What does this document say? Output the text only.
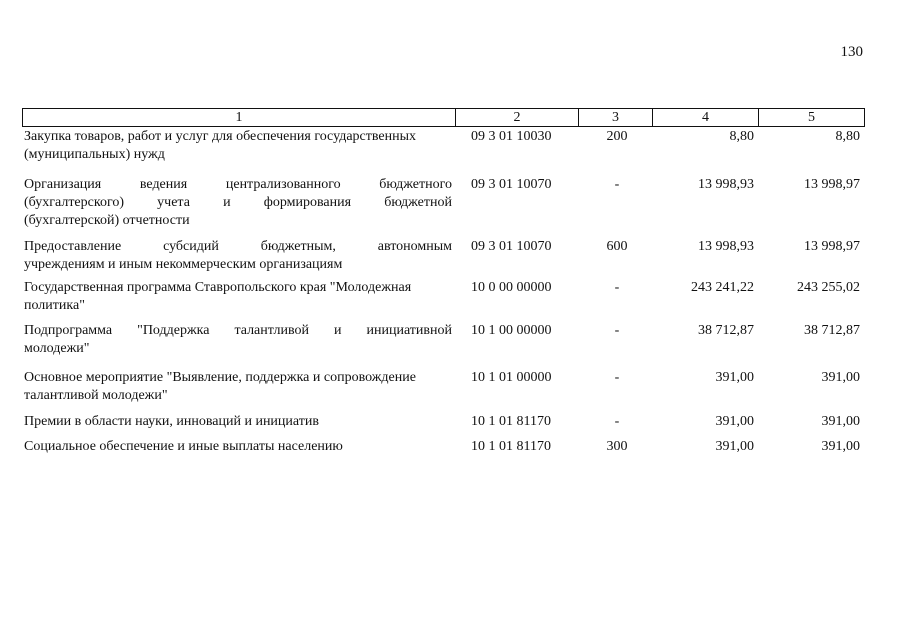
130
1	2	3	4	5
Закупка товаров, работ и услуг для обеспечения государственных
(муниципальных) нужд
09 3 01 10030	200	8,80	8,80
Организация ведения централизованного бюджетного
(бухгалтерского) учета и формирования бюджетной
(бухгалтерской) отчетности
09 3 01 10070	-	13 998,93	13 998,97
Предоставление субсидий бюджетным, автономным
учреждениям и иным некоммерческим организациям
09 3 01 10070	600	13 998,93	13 998,97
Государственная программа Ставропольского края "Молодежная
политика"
10 0 00 00000	-	243 241,22	243 255,02
Подпрограмма "Поддержка талантливой и инициативной
молодежи"
10 1 00 00000	-	38 712,87	38 712,87
Основное мероприятие "Выявление, поддержка и сопровождение
талантливой молодежи"
10 1 01 00000	-	391,00	391,00
Премии в области науки, инноваций и инициатив	10 1 01 81170	-	391,00	391,00
Социальное обеспечение и иные выплаты населению	10 1 01 81170	300	391,00	391,00
